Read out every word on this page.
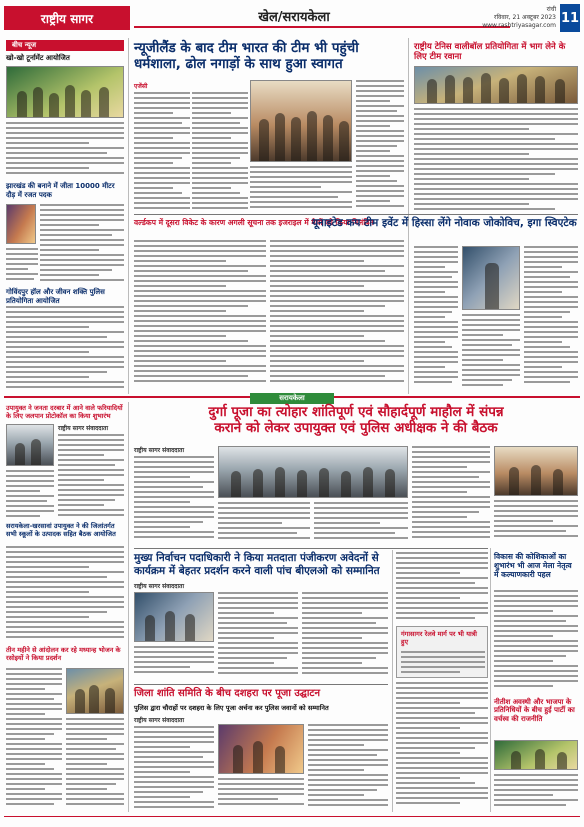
राष्ट्रीय सागर	खेल/सरायकेला
रांची
रविवार, 21 अक्टूबर 2023
www.rashtriyasagar.com 11
बीच न्यूज
खो-खो टूर्नामेंट आयोजित
झारखंड की बनाने में जीता 10000 मीटर दौड़ में रजत पदक
गोविंदपुर हॉल और जीवन शक्ति पुलिस प्रतियोगिता आयोजित
न्यूजीलैंड के बाद टीम भारत की टीम भी पहुंची
धर्मशाला, ढोल नगाड़ों के साथ हुआ स्वागत
एजेंसी
वर्ल्डकप में दूसरा विकेट के कारण अगली सूचना तक इजराइल में मैचों को किया निलंबित
राष्ट्रीय टेनिस वालीबॉल प्रतियोगिता में भाग लेने के लिए टीम रवाना
यूनाइटेड कप टीम इवेंट में हिस्सा लेंगे नोवाक जोकोविच, इगा स्विएटेक
सरायकेला
उपायुक्त ने जनता दरबार में आने वाले फरियादियों के लिए जलपान प्रोटोकॉल का किया शुभारंभ
राष्ट्रीय सागर संवाददाता
सरायकेला-खरसावां उपायुक्त ने की जिलांतर्गत सभी स्कूलों के उत्पादक सहित बैठक आयोजित
तीन महीने से आंदोलन कर रहे मध्यान्ह भोजन के रसोइयों ने किया प्रदर्शन
दुर्गा पूजा का त्योहार शांतिपूर्ण एवं सौहार्दपूर्ण माहौल में संपन्न
कराने को लेकर उपायुक्त एवं पुलिस अधीक्षक ने की बैठक
राष्ट्रीय सागर संवाददाता
मुख्य निर्वाचन पदाधिकारी ने किया मतदाता पंजीकरण अवेदनों से
कार्यक्रम में बेहतर प्रदर्शन करने वाली पांच बीएलओ को सम्मानित
राष्ट्रीय सागर संवाददाता
जिला शांति समिति के बीच दशहरा पर पूजा उद्घाटन
पुलिस द्वारा चौराहों पर दशहरा के लिए पूजा अर्चना कर पुलिस जवानों को सम्मानित
राष्ट्रीय सागर संवाददाता
गंगासागर रेलवे मार्ग पर भी यात्री हुए
विकास की कोशिकाओं का शुभारंभ भी आज मेला नेतृत्व में कल्याणकारी पहल
नीतीश अवस्थी और भाजपा के प्रतिनिधियों के बीच हुई पार्टी का वर्चस्व की राजनीति
